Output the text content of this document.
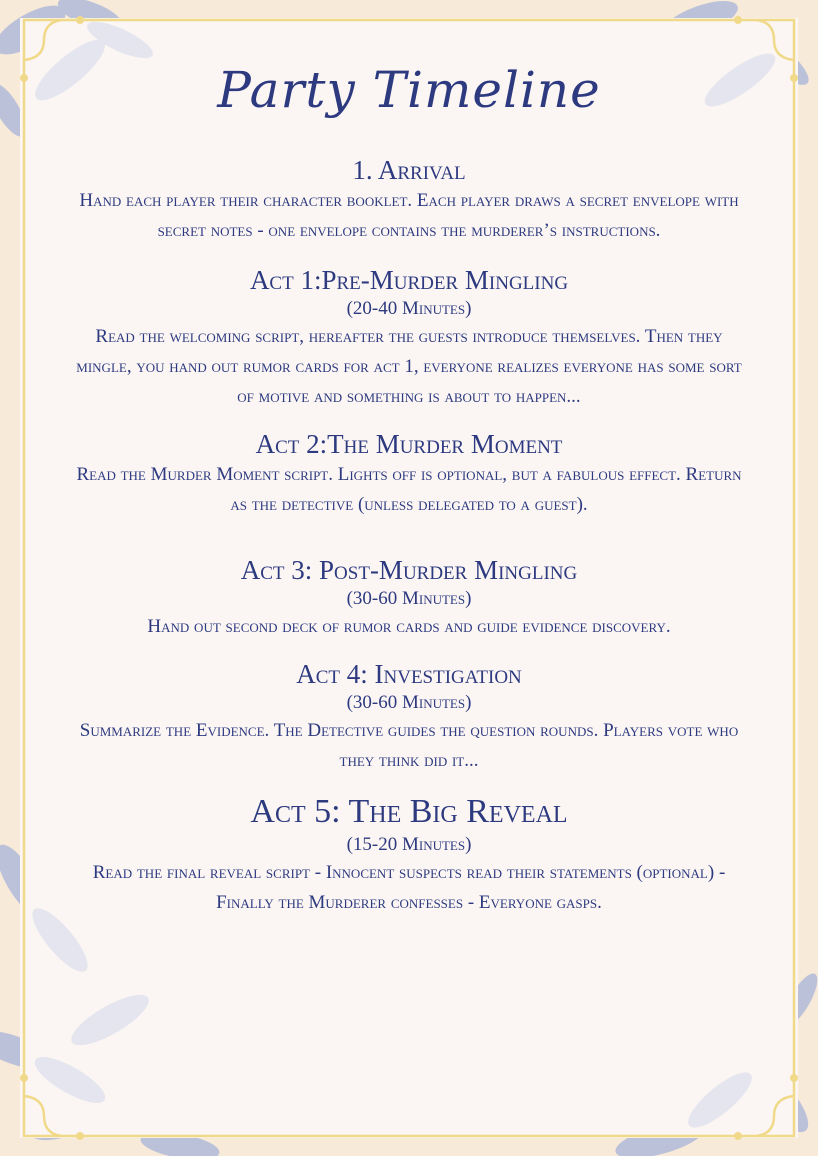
Party Timeline
1. Arrival

Hand each player their character booklet. Each player draws a secret envelope with secret notes - one envelope contains the murderer’s instructions.

Act 1:Pre-Murder Mingling

(20-40 Minutes)

Read the welcoming script, hereafter the guests introduce themselves. Then they mingle, you hand out rumor cards for act 1, everyone realizes everyone has some sort of motive and something is about to happen...

Act 2:The Murder Moment

Read the Murder Moment script. Lights off is optional, but a fabulous effect. Return as the detective (unless delegated to a guest).

Act 3: Post-Murder Mingling

(30-60 Minutes)

Hand out second deck of rumor cards and guide evidence discovery.

Act 4: Investigation

(30-60 Minutes)

Summarize the Evidence. The Detective guides the question rounds. Players vote who they think did it...

Act 5: The Big Reveal

(15-20 Minutes)

Read the final reveal script - Innocent suspects read their statements (optional) - Finally the Murderer confesses - Everyone gasps.
